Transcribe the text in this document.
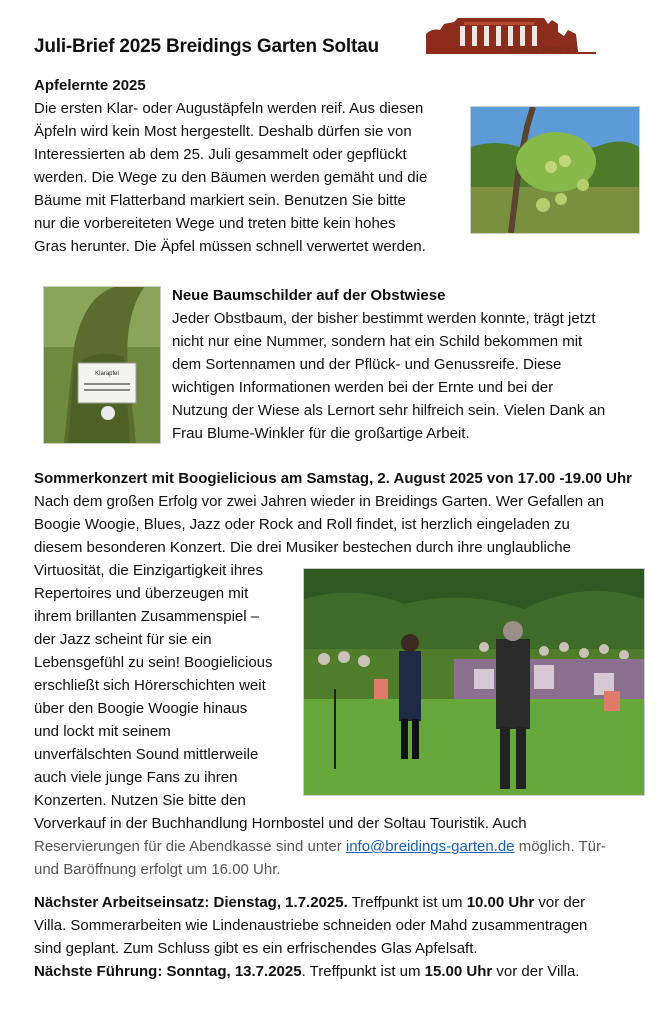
Juli-Brief 2025 Breidings Garten Soltau	Breidings Garten e.V.

Apfelernte 2025

Die ersten Klar- oder Augustäpfeln werden reif. Aus diesen

Äpfeln wird kein Most hergestellt. Deshalb dürfen sie von

Interessierten ab dem 25. Juli gesammelt oder gepflückt

werden. Die Wege zu den Bäumen werden gemäht und die

Bäume mit Flatterband markiert sein. Benutzen Sie bitte

nur die vorbereiteten Wege und treten bitte kein hohes

Gras herunter. Die Äpfel müssen schnell verwertet werden.

Klarapfel

Neue Baumschilder auf der Obstwiese

Jeder Obstbaum, der bisher bestimmt werden konnte, trägt jetzt

nicht nur eine Nummer, sondern hat ein Schild bekommen mit

dem Sortennamen und der Pflück- und Genussreife. Diese

wichtigen Informationen werden bei der Ernte und bei der

Nutzung der Wiese als Lernort sehr hilfreich sein. Vielen Dank an

Frau Blume-Winkler für die großartige Arbeit.

Sommerkonzert mit Boogielicious am Samstag, 2. August 2025 von 17.00 -19.00 Uhr

Nach dem großen Erfolg vor zwei Jahren wieder in Breidings Garten. Wer Gefallen an

Boogie Woogie, Blues, Jazz oder Rock and Roll findet, ist herzlich eingeladen zu

diesem besonderen Konzert. Die drei Musiker bestechen durch ihre unglaubliche

Virtuosität, die Einzigartigkeit ihres

Repertoires und überzeugen mit

ihrem brillanten Zusammenspiel –

der Jazz scheint für sie ein

Lebensgefühl zu sein! Boogielicious

erschließt sich Hörerschichten weit

über den Boogie Woogie hinaus

und lockt mit seinem

unverfälschten Sound mittlerweile

auch viele junge Fans zu ihren

Konzerten. Nutzen Sie bitte den

Vorverkauf in der Buchhandlung Hornbostel und der Soltau Touristik. Auch

Reservierungen für die Abendkasse sind unter info@breidings-garten.de möglich. Tür-

und Baröffnung erfolgt um 16.00 Uhr.

Nächster Arbeitseinsatz: Dienstag, 1.7.2025. Treffpunkt ist um 10.00 Uhr vor der

Villa. Sommerarbeiten wie Lindenaustriebe schneiden oder Mahd zusammentragen

sind geplant. Zum Schluss gibt es ein erfrischendes Glas Apfelsaft.

Nächste Führung: Sonntag, 13.7.2025. Treffpunkt ist um 15.00 Uhr vor der Villa.
